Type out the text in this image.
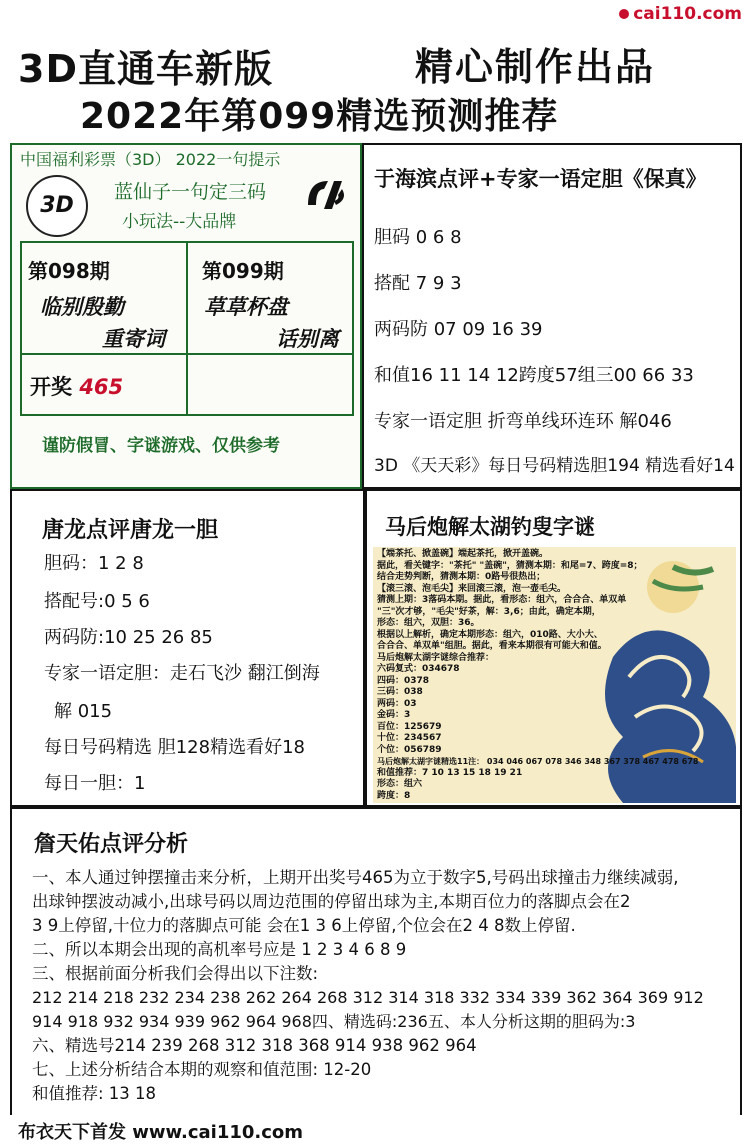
cai110.com
3D直通车新版	精心制作出品
2022年第099精选预测推荐
中国福利彩票（3D） 2022一句提示
3D
蓝仙子一句定三码
小玩法--大品牌
第098期
临别殷勤
重寄词
第099期
草草杯盘
话别离
开奖 465
谨防假冒、字谜游戏、仅供参考
于海滨点评+专家一语定胆《保真》
胆码 0 6 8
搭配 7 9 3
两码防 07 09 16 39
和值16 11 14 12跨度57组三00 66 33
专家一语定胆 折弯单线环连环 解046
3D 《天天彩》每日号码精选胆194 精选看好14
唐龙点评唐龙一胆
胆码：1 2 8
搭配号:0 5 6
两码防:10 25 26 85
专家一语定胆：走石飞沙 翻江倒海
解 015
每日号码精选 胆128精选看好18
每日一胆：1
马后炮解太湖钓叟字谜
【端茶托、掀盖碗】端起茶托，掀开盖碗。
据此，看关键字："茶托" "盖碗"，猜测本期：和尾=7、跨度=8；
结合走势判断，猜测本期：0路号很热出；
【滚三滚、泡毛尖】来回滚三滚，泡一壶毛尖。
猜测上期：3落码本期。据此，看形态：组六，合合合、单双单
"三"次才够，"毛尖"好茶，解：3,6；由此，确定本期，
形态：组六，双胆：36。
根据以上解析，确定本期形态：组六，010路、大小大、
合合合、单双单"组胆。据此，看来本期很有可能大和值。
马后炮解太湖字谜综合推荐：
六码复式：034678
四码：0378
三码：038
两码：03
金码：3
百位：125679
十位：234567
个位：056789
马后炮解太湖字谜精选11注： 034 046 067 078 346 348 367 378 467 478 678
和值推荐：7 10 13 15 18 19 21
形态：组六
跨度：8
詹天佑点评分析
一、本人通过钟摆撞击来分析，上期开出奖号465为立于数字5,号码出球撞击力继续减弱,
出球钟摆波动减小,出球号码以周边范围的停留出球为主,本期百位力的落脚点会在2
3 9上停留,十位力的落脚点可能 会在1 3 6上停留,个位会在2 4 8数上停留.
二、所以本期会出现的高机率号应是 1 2 3 4 6 8 9
三、根据前面分析我们会得出以下注数:
212 214 218 232 234 238 262 264 268 312 314 318 332 334 339 362 364 369 912
914 918 932 934 939 962 964 968四、精选码:236五、本人分析这期的胆码为:3
六、精选号214 239 268 312 318 368 914 938 962 964
七、上述分析结合本期的观察和值范围: 12-20
和值推荐: 13 18
布衣天下首发 www.cai110.com
